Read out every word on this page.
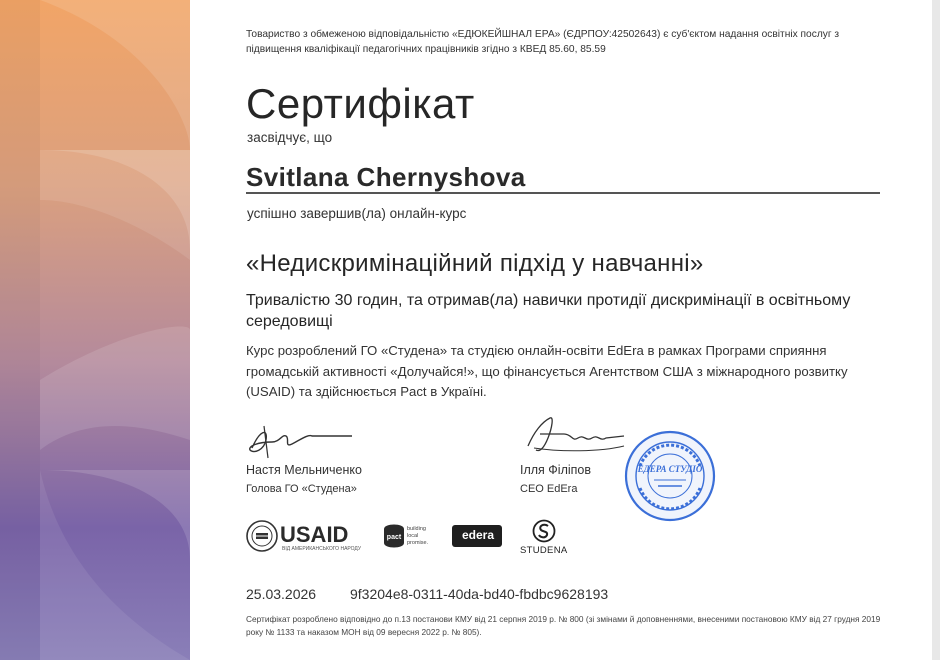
Товариство з обмеженою відповідальністю «ЕДЮКЕЙШНАЛ ЕРА» (ЄДРПОУ:42502643) є суб'єктом надання освітніх послуг з підвищення кваліфікації педагогічних працівників згідно з КВЕД 85.60, 85.59
Сертифікат
засвідчує, що
Svitlana Chernyshova
успішно завершив(ла) онлайн-курс
«Недискримінаційний підхід у навчанні»
Тривалістю 30 годин, та отримав(ла) навички протидії дискримінації в освітньому середовищі
Курс розроблений ГО «Студена» та студією онлайн-освіти EdEra в рамках Програми сприяння громадській активності «Долучайся!», що фінансується Агентством США з міжнародного розвитку (USAID) та здійснюється Pact в Україні.
Настя Мельниченко
Голова ГО «Студена»
Ілля Філіпов
CEO EdEra
ЕДЕРА СТУДІО
USAID
ВІД АМЕРИКАНСЬКОГО НАРОДУ
pact
building local promise.
edera
STUDENA
25.03.2026 9f3204e8-0311-40da-bd40-fbdbc9628193
Сертифікат розроблено відповідно до п.13 постанови КМУ від 21 серпня 2019 р. № 800 (зі змінами й доповненнями, внесеними постановою КМУ від 27 грудня 2019 року № 1133 та наказом МОН від 09 вересня 2022 р. № 805).
